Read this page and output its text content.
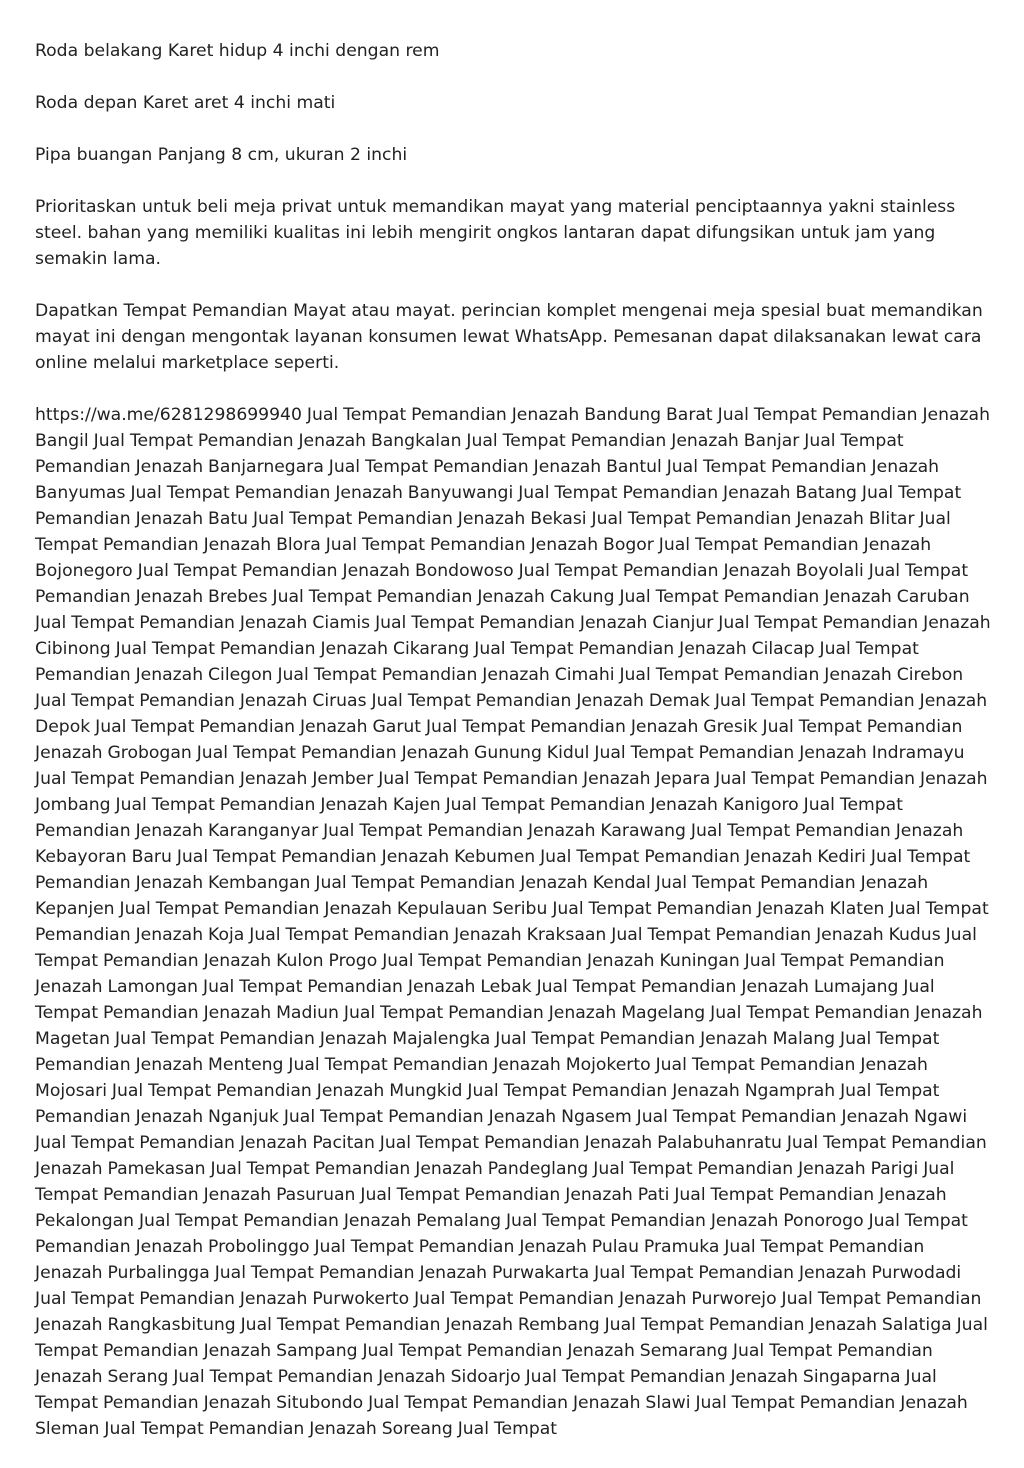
Roda belakang Karet hidup 4 inchi dengan rem

Roda depan Karet aret 4 inchi mati

Pipa buangan Panjang 8 cm, ukuran 2 inchi

Prioritaskan untuk beli meja privat untuk memandikan mayat yang material penciptaannya yakni stainless steel. bahan yang memiliki kualitas ini lebih mengirit ongkos lantaran dapat difungsikan untuk jam yang semakin lama.

Dapatkan Tempat Pemandian Mayat atau mayat. perincian komplet mengenai meja spesial buat memandikan mayat ini dengan mengontak layanan konsumen lewat WhatsApp. Pemesanan dapat dilaksanakan lewat cara online melalui marketplace seperti.

https://wa.me/6281298699940 Jual Tempat Pemandian Jenazah Bandung Barat Jual Tempat Pemandian Jenazah Bangil Jual Tempat Pemandian Jenazah Bangkalan Jual Tempat Pemandian Jenazah Banjar Jual Tempat Pemandian Jenazah Banjarnegara Jual Tempat Pemandian Jenazah Bantul Jual Tempat Pemandian Jenazah Banyumas Jual Tempat Pemandian Jenazah Banyuwangi Jual Tempat Pemandian Jenazah Batang Jual Tempat Pemandian Jenazah Batu Jual Tempat Pemandian Jenazah Bekasi Jual Tempat Pemandian Jenazah Blitar Jual Tempat Pemandian Jenazah Blora Jual Tempat Pemandian Jenazah Bogor Jual Tempat Pemandian Jenazah Bojonegoro Jual Tempat Pemandian Jenazah Bondowoso Jual Tempat Pemandian Jenazah Boyolali Jual Tempat Pemandian Jenazah Brebes Jual Tempat Pemandian Jenazah Cakung Jual Tempat Pemandian Jenazah Caruban Jual Tempat Pemandian Jenazah Ciamis Jual Tempat Pemandian Jenazah Cianjur Jual Tempat Pemandian Jenazah Cibinong Jual Tempat Pemandian Jenazah Cikarang Jual Tempat Pemandian Jenazah Cilacap Jual Tempat Pemandian Jenazah Cilegon Jual Tempat Pemandian Jenazah Cimahi Jual Tempat Pemandian Jenazah Cirebon Jual Tempat Pemandian Jenazah Ciruas Jual Tempat Pemandian Jenazah Demak Jual Tempat Pemandian Jenazah Depok Jual Tempat Pemandian Jenazah Garut Jual Tempat Pemandian Jenazah Gresik Jual Tempat Pemandian Jenazah Grobogan Jual Tempat Pemandian Jenazah Gunung Kidul Jual Tempat Pemandian Jenazah Indramayu Jual Tempat Pemandian Jenazah Jember Jual Tempat Pemandian Jenazah Jepara Jual Tempat Pemandian Jenazah Jombang Jual Tempat Pemandian Jenazah Kajen Jual Tempat Pemandian Jenazah Kanigoro Jual Tempat Pemandian Jenazah Karanganyar Jual Tempat Pemandian Jenazah Karawang Jual Tempat Pemandian Jenazah Kebayoran Baru Jual Tempat Pemandian Jenazah Kebumen Jual Tempat Pemandian Jenazah Kediri Jual Tempat Pemandian Jenazah Kembangan Jual Tempat Pemandian Jenazah Kendal Jual Tempat Pemandian Jenazah Kepanjen Jual Tempat Pemandian Jenazah Kepulauan Seribu Jual Tempat Pemandian Jenazah Klaten Jual Tempat Pemandian Jenazah Koja Jual Tempat Pemandian Jenazah Kraksaan Jual Tempat Pemandian Jenazah Kudus Jual Tempat Pemandian Jenazah Kulon Progo Jual Tempat Pemandian Jenazah Kuningan Jual Tempat Pemandian Jenazah Lamongan Jual Tempat Pemandian Jenazah Lebak Jual Tempat Pemandian Jenazah Lumajang Jual Tempat Pemandian Jenazah Madiun Jual Tempat Pemandian Jenazah Magelang Jual Tempat Pemandian Jenazah Magetan Jual Tempat Pemandian Jenazah Majalengka Jual Tempat Pemandian Jenazah Malang Jual Tempat Pemandian Jenazah Menteng Jual Tempat Pemandian Jenazah Mojokerto Jual Tempat Pemandian Jenazah Mojosari Jual Tempat Pemandian Jenazah Mungkid Jual Tempat Pemandian Jenazah Ngamprah Jual Tempat Pemandian Jenazah Nganjuk Jual Tempat Pemandian Jenazah Ngasem Jual Tempat Pemandian Jenazah Ngawi Jual Tempat Pemandian Jenazah Pacitan Jual Tempat Pemandian Jenazah Palabuhanratu Jual Tempat Pemandian Jenazah Pamekasan Jual Tempat Pemandian Jenazah Pandeglang Jual Tempat Pemandian Jenazah Parigi Jual Tempat Pemandian Jenazah Pasuruan Jual Tempat Pemandian Jenazah Pati Jual Tempat Pemandian Jenazah Pekalongan Jual Tempat Pemandian Jenazah Pemalang Jual Tempat Pemandian Jenazah Ponorogo Jual Tempat Pemandian Jenazah Probolinggo Jual Tempat Pemandian Jenazah Pulau Pramuka Jual Tempat Pemandian Jenazah Purbalingga Jual Tempat Pemandian Jenazah Purwakarta Jual Tempat Pemandian Jenazah Purwodadi Jual Tempat Pemandian Jenazah Purwokerto Jual Tempat Pemandian Jenazah Purworejo Jual Tempat Pemandian Jenazah Rangkasbitung Jual Tempat Pemandian Jenazah Rembang Jual Tempat Pemandian Jenazah Salatiga Jual Tempat Pemandian Jenazah Sampang Jual Tempat Pemandian Jenazah Semarang Jual Tempat Pemandian Jenazah Serang Jual Tempat Pemandian Jenazah Sidoarjo Jual Tempat Pemandian Jenazah Singaparna Jual Tempat Pemandian Jenazah Situbondo Jual Tempat Pemandian Jenazah Slawi Jual Tempat Pemandian Jenazah Sleman Jual Tempat Pemandian Jenazah Soreang Jual Tempat
